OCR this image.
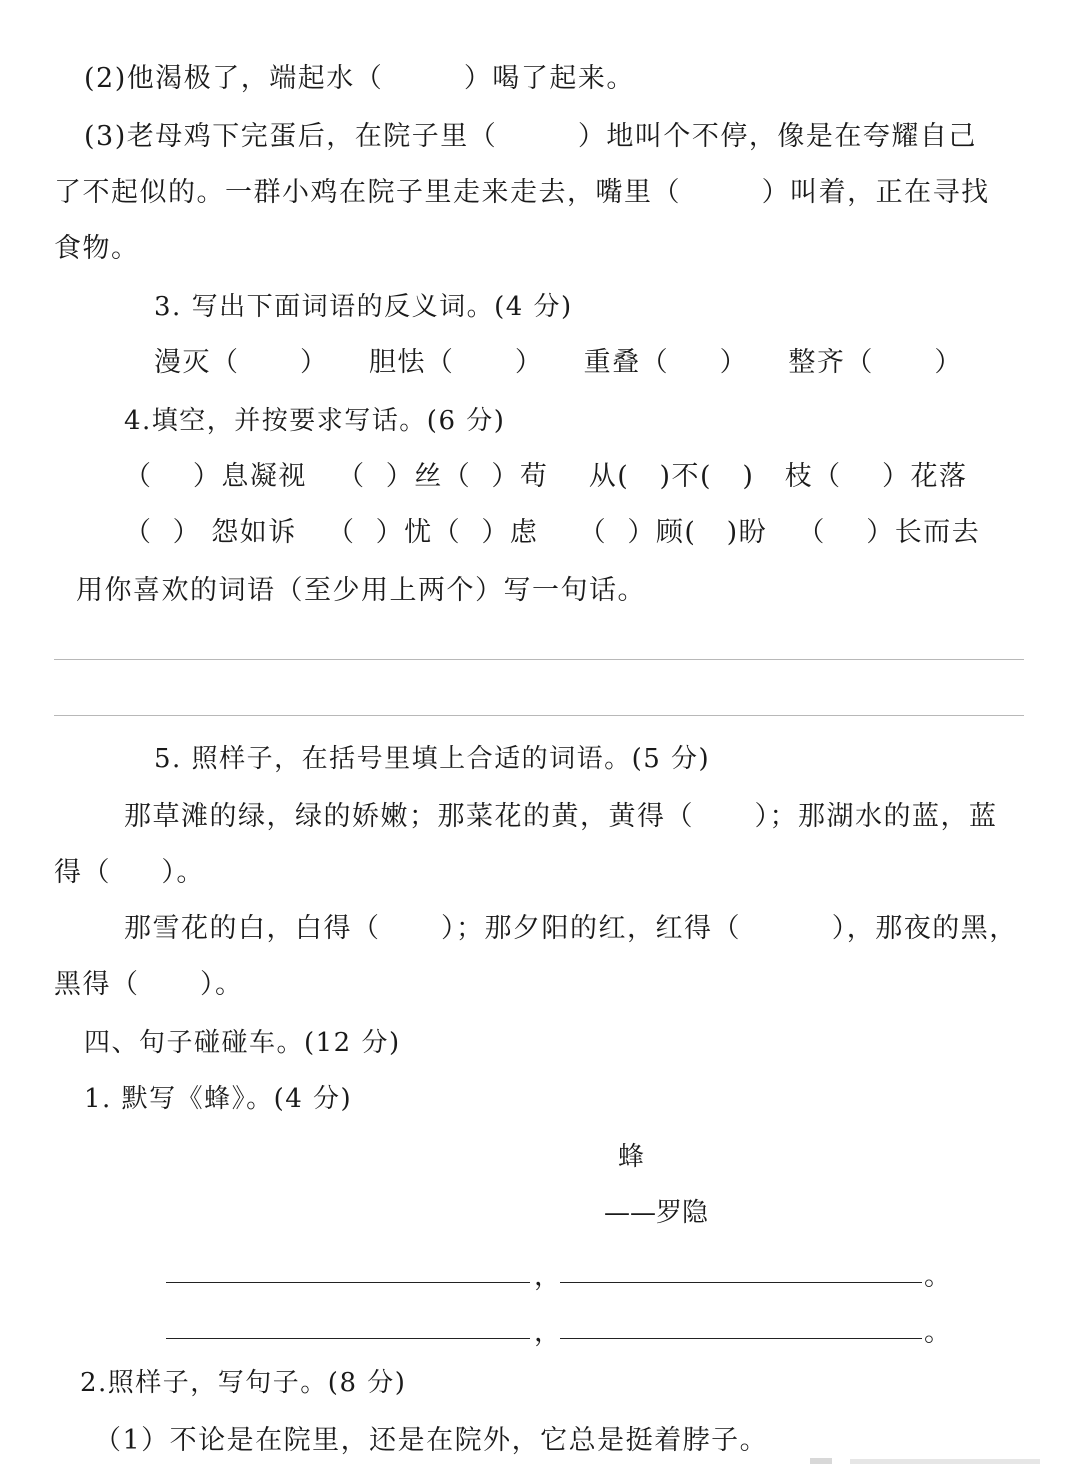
(2)他渴极了，端起水（        ）喝了起来。
(3)老母鸡下完蛋后，在院子里（        ）地叫个不停，像是在夸耀自己
了不起似的。一群小鸡在院子里走来走去，嘴里（        ）叫着，正在寻找
食物。
3. 写出下面词语的反义词。(4 分)
漫灭（      ）    胆怯（      ）    重叠（     ）    整齐（      ）
4.填空，并按要求写话。(6 分)
（    ）息凝视   （  ）丝（  ）苟    从(   )不(   )   枝（    ）花落
（  ） 怨如诉   （  ）忧（  ）虑    （  ）顾(   )盼   （    ）长而去
用你喜欢的词语（至少用上两个）写一句话。
5. 照样子，在括号里填上合适的词语。(5 分)
那草滩的绿，绿的娇嫩；那菜花的黄，黄得（      ）；那湖水的蓝，蓝
得（     ）。
那雪花的白，白得（      ）；那夕阳的红，红得（         ），那夜的黑，
黑得（      ）。
四、句子碰碰车。(12 分)
1. 默写《蜂》。(4 分)
蜂
——罗隐
，	。
，	。
2.照样子，写句子。(8 分)
（1）不论是在院里，还是在院外，它总是挺着脖子。
